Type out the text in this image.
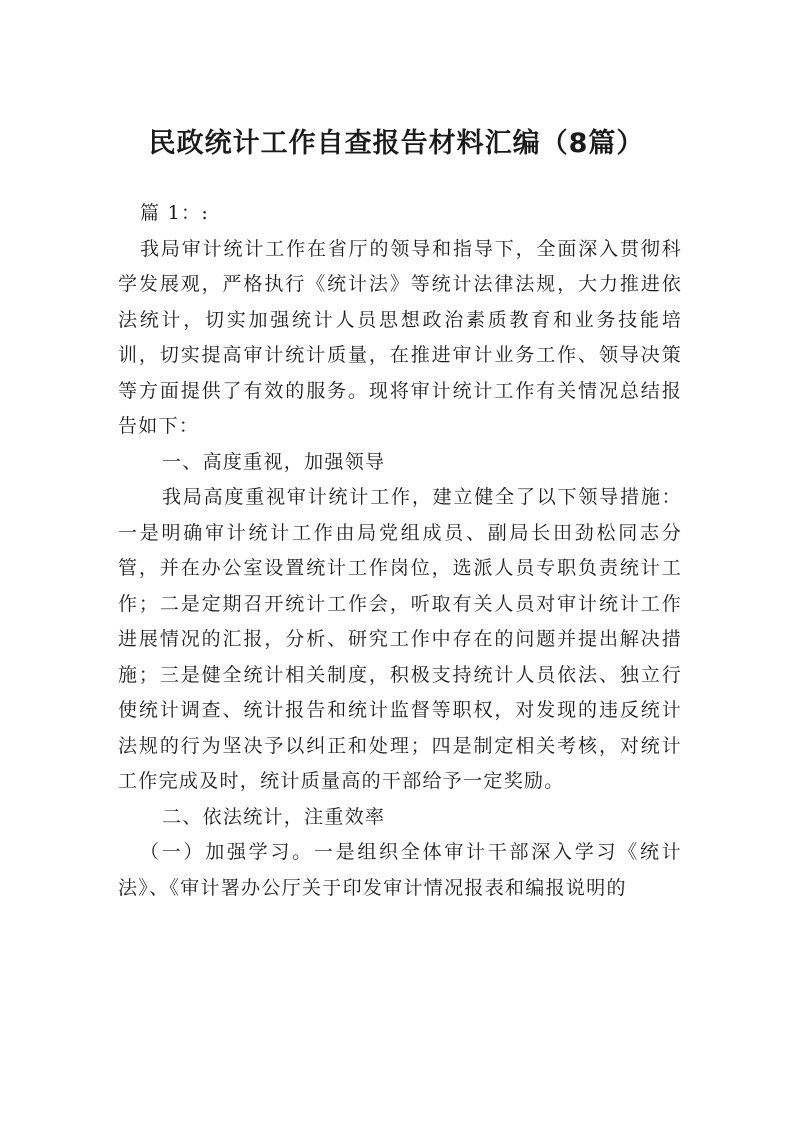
民政统计工作自查报告材料汇编（8篇）

篇 1：:

我局审计统计工作在省厅的领导和指导下，全面深入贯彻科学发展观，严格执行《统计法》等统计法律法规，大力推进依法统计，切实加强统计人员思想政治素质教育和业务技能培训，切实提高审计统计质量，在推进审计业务工作、领导决策等方面提供了有效的服务。现将审计统计工作有关情况总结报告如下：

一、高度重视，加强领导

我局高度重视审计统计工作，建立健全了以下领导措施：一是明确审计统计工作由局党组成员、副局长田劲松同志分管，并在办公室设置统计工作岗位，选派人员专职负责统计工作；二是定期召开统计工作会，听取有关人员对审计统计工作进展情况的汇报，分析、研究工作中存在的问题并提出解决措施；三是健全统计相关制度，积极支持统计人员依法、独立行使统计调查、统计报告和统计监督等职权，对发现的违反统计法规的行为坚决予以纠正和处理；四是制定相关考核，对统计工作完成及时，统计质量高的干部给予一定奖励。

二、依法统计，注重效率

（一）加强学习。一是组织全体审计干部深入学习《统计法》、《审计署办公厅关于印发审计情况报表和编报说明的
